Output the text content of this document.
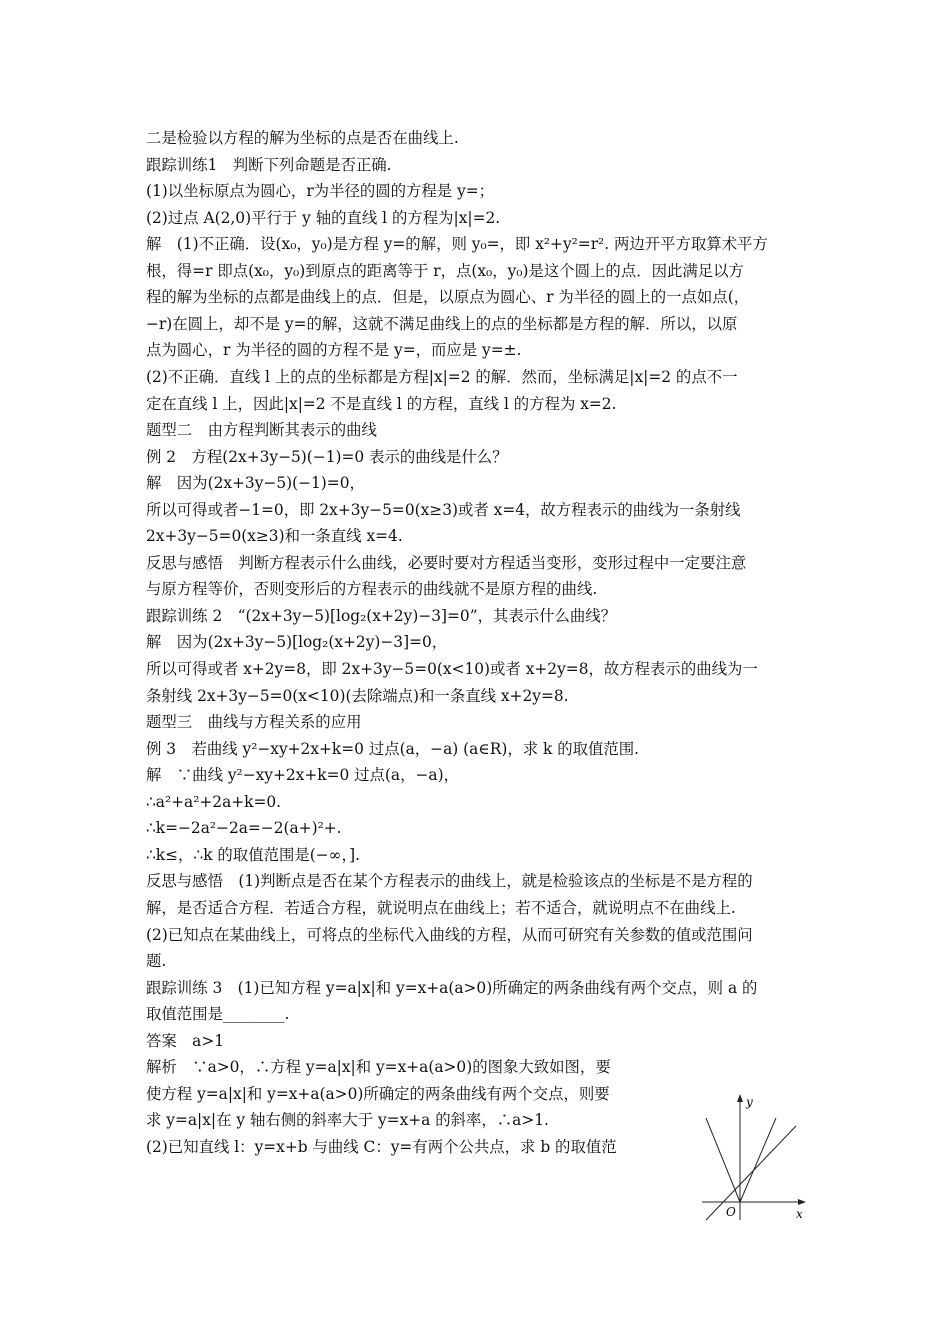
二是检验以方程的解为坐标的点是否在曲线上.
跟踪训练1　判断下列命题是否正确.
(1)以坐标原点为圆心，r为半径的圆的方程是 y=；
(2)过点 A(2,0)平行于 y 轴的直线 l 的方程为|x|=2.
解　(1)不正确．设(x₀，y₀)是方程 y=的解，则 y₀=，即 x²+y²=r². 两边开平方取算术平方
根，得=r 即点(x₀，y₀)到原点的距离等于 r，点(x₀，y₀)是这个圆上的点．因此满足以方
程的解为坐标的点都是曲线上的点．但是，以原点为圆心、r 为半径的圆上的一点如点(，
−r)在圆上，却不是 y=的解，这就不满足曲线上的点的坐标都是方程的解．所以，以原
点为圆心，r 为半径的圆的方程不是 y=，而应是 y=±.
(2)不正确．直线 l 上的点的坐标都是方程|x|=2 的解．然而，坐标满足|x|=2 的点不一
定在直线 l 上，因此|x|=2 不是直线 l 的方程，直线 l 的方程为 x=2.
题型二　由方程判断其表示的曲线
例 2　方程(2x+3y−5)(−1)=0 表示的曲线是什么？
解　因为(2x+3y−5)(−1)=0，
所以可得或者−1=0，即 2x+3y−5=0(x≥3)或者 x=4，故方程表示的曲线为一条射线
2x+3y−5=0(x≥3)和一条直线 x=4.
反思与感悟　判断方程表示什么曲线，必要时要对方程适当变形，变形过程中一定要注意
与原方程等价，否则变形后的方程表示的曲线就不是原方程的曲线.
跟踪训练 2　“(2x+3y−5)[log₂(x+2y)−3]=0”，其表示什么曲线？
解　因为(2x+3y−5)[log₂(x+2y)−3]=0，
所以可得或者 x+2y=8，即 2x+3y−5=0(x<10)或者 x+2y=8，故方程表示的曲线为一
条射线 2x+3y−5=0(x<10)(去除端点)和一条直线 x+2y=8.
题型三　曲线与方程关系的应用
例 3　若曲线 y²−xy+2x+k=0 过点(a，−a) (a∈R)，求 k 的取值范围.
解　∵曲线 y²−xy+2x+k=0 过点(a，−a)，
∴a²+a²+2a+k=0.
∴k=−2a²−2a=−2(a+)²+.
∴k≤，∴k 的取值范围是(−∞，].
反思与感悟　(1)判断点是否在某个方程表示的曲线上，就是检验该点的坐标是不是方程的
解，是否适合方程．若适合方程，就说明点在曲线上；若不适合，就说明点不在曲线上.
(2)已知点在某曲线上，可将点的坐标代入曲线的方程，从而可研究有关参数的值或范围问
题.
跟踪训练 3　(1)已知方程 y=a|x|和 y=x+a(a>0)所确定的两条曲线有两个交点，则 a 的
取值范围是________.
答案　a>1
解析　∵a>0，∴方程 y=a|x|和 y=x+a(a>0)的图象大致如图，要
使方程 y=a|x|和 y=x+a(a>0)所确定的两条曲线有两个交点，则要
求 y=a|x|在 y 轴右侧的斜率大于 y=x+a 的斜率，∴a>1.
(2)已知直线 l：y=x+b 与曲线 C：y=有两个公共点，求 b 的取值范
y
x
O
